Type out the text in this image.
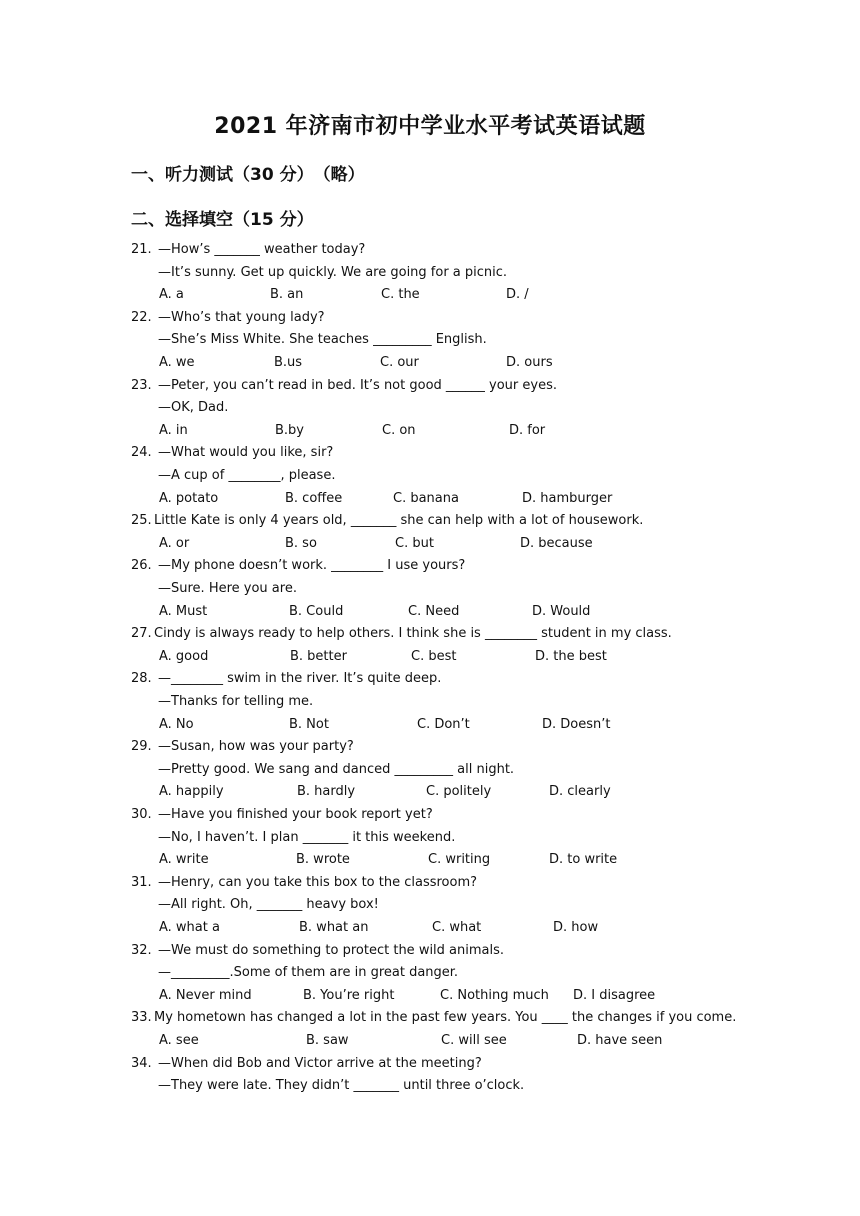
2021 年济南市初中学业水平考试英语试题
一、听力测试（30 分）　（略）
二、选择填空（15 分）
21. —How’s _______ weather today?
—It’s sunny. Get up quickly. We are going for a picnic.
A. a	B. an	C. the	D. /
22. —Who’s that young lady?
—She’s Miss White. She teaches _________ English.
A. we	B.us	C. our	D. ours
23. —Peter, you can’t read in bed. It’s not good ______ your eyes.
—OK, Dad.
A. in	B.by	C. on	D. for
24. —What would you like, sir?
—A cup of ________, please.
A. potato	B. coffee	C. banana	D. hamburger
25. Little Kate is only 4 years old, _______ she can help with a lot of housework.
A. or	B. so	C. but	D. because
26. —My phone doesn’t work. ________ I use yours?
—Sure. Here you are.
A. Must	B. Could	C. Need	D. Would
27. Cindy is always ready to help others. I think she is ________ student in my class.
A. good	B. better	C. best	D. the best
28. —________ swim in the river. It’s quite deep.
—Thanks for telling me.
A. No	B. Not	C. Don’t	D. Doesn’t
29. —Susan, how was your party?
—Pretty good. We sang and danced _________ all night.
A. happily	B. hardly	C. politely	D. clearly
30. —Have you finished your book report yet?
—No, I haven’t. I plan _______ it this weekend.
A. write	B. wrote	C. writing	D. to write
31. —Henry, can you take this box to the classroom?
—All right. Oh, _______ heavy box!
A. what a	B. what an	C. what	D. how
32. —We must do something to protect the wild animals.
—_________.Some of them are in great danger.
A. Never mind	B. You’re right	C. Nothing much D. I disagree
33. My hometown has changed a lot in the past few years. You ____ the changes if you come.
A. see	B. saw	C. will see	D. have seen
34. —When did Bob and Victor arrive at the meeting?
—They were late. They didn’t _______ until three o’clock.
